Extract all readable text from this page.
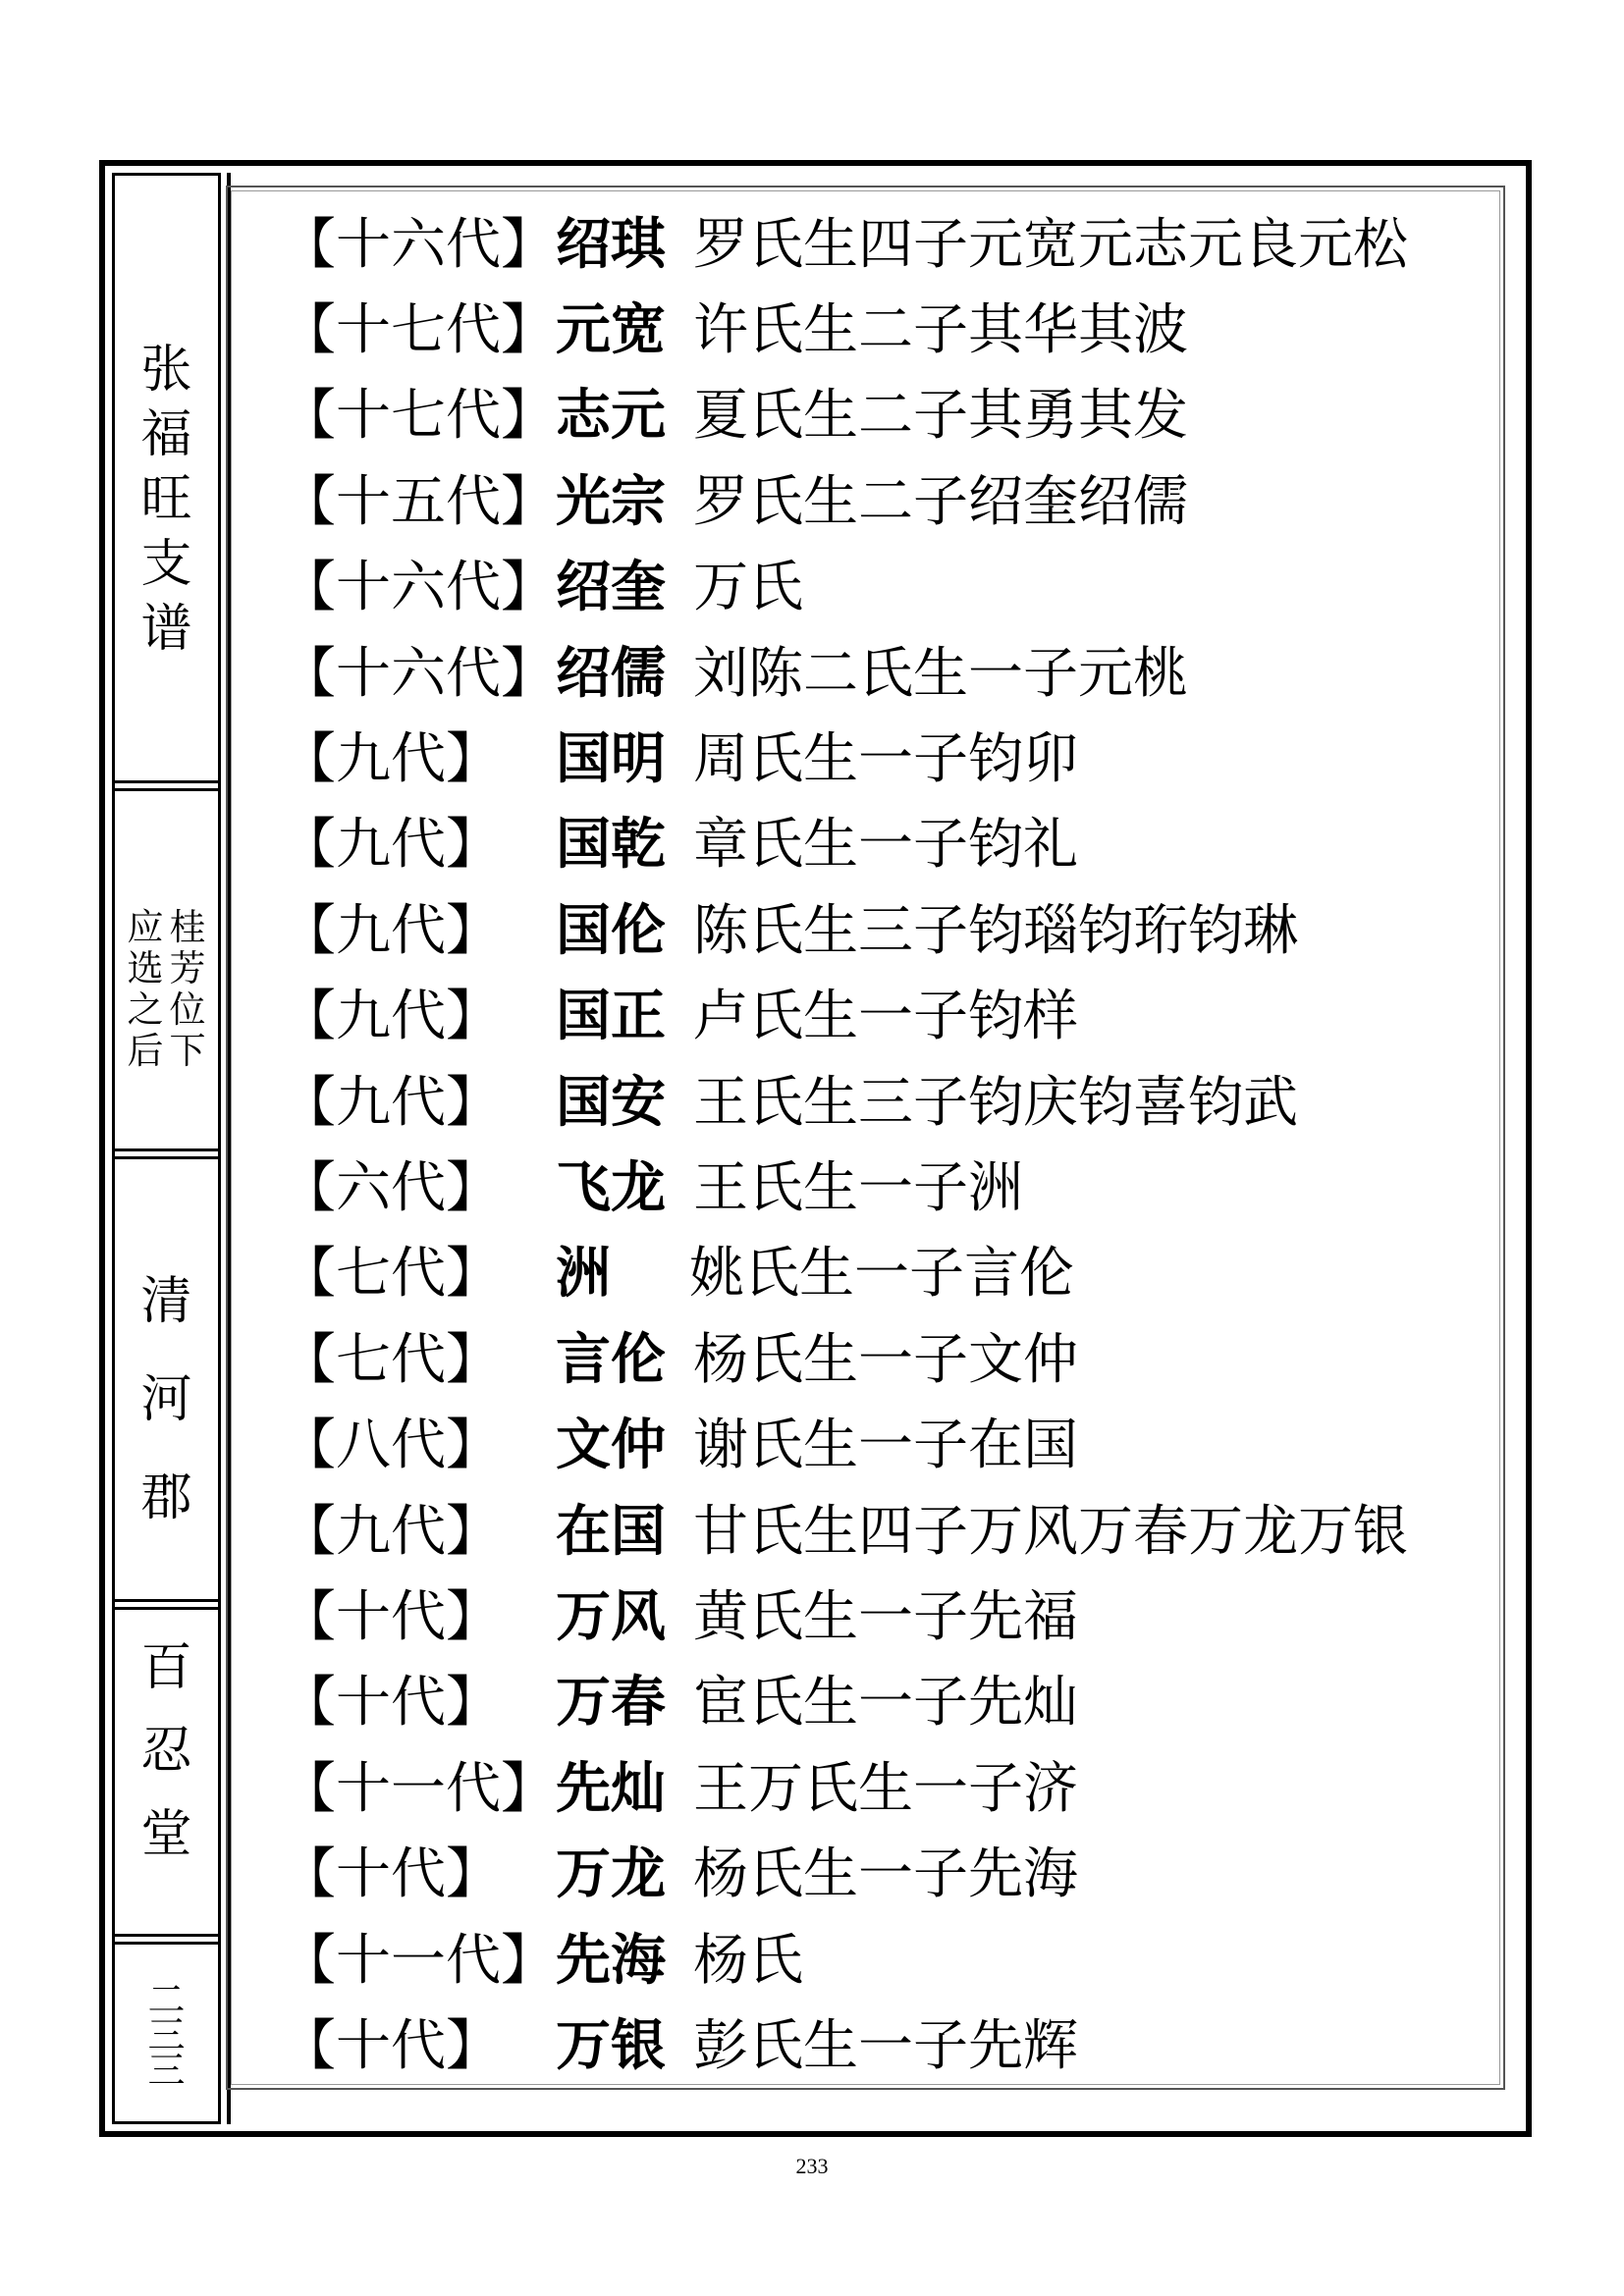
张
福
旺
支
谱
桂
芳
位
下
应
选
之
后
清
河
郡
百
忍
堂
二
三
三
【十六代】 绍琪 罗氏生四子元宽元志元良元松
【十七代】 元宽 许氏生二子其华其波
【十七代】 志元 夏氏生二子其勇其发
【十五代】 光宗 罗氏生二子绍奎绍儒
【十六代】 绍奎 万氏
【十六代】 绍儒 刘陈二氏生一子元桃
【九代】	国明 周氏生一子钧卯
【九代】	国乾 章氏生一子钧礼
【九代】	国伦 陈氏生三子钧瑙钧珩钧琳
【九代】	国正 卢氏生一子钧样
【九代】	国安 王氏生三子钧庆钧喜钧武
【六代】	飞龙 王氏生一子洲
【七代】	洲 姚氏生一子言伦
【七代】	言伦 杨氏生一子文仲
【八代】	文仲 谢氏生一子在国
【九代】	在国 甘氏生四子万风万春万龙万银
【十代】	万风 黄氏生一子先福
【十代】	万春 宦氏生一子先灿
【十一代】 先灿 王万氏生一子济
【十代】	万龙 杨氏生一子先海
【十一代】 先海 杨氏
【十代】	万银 彭氏生一子先辉
233
